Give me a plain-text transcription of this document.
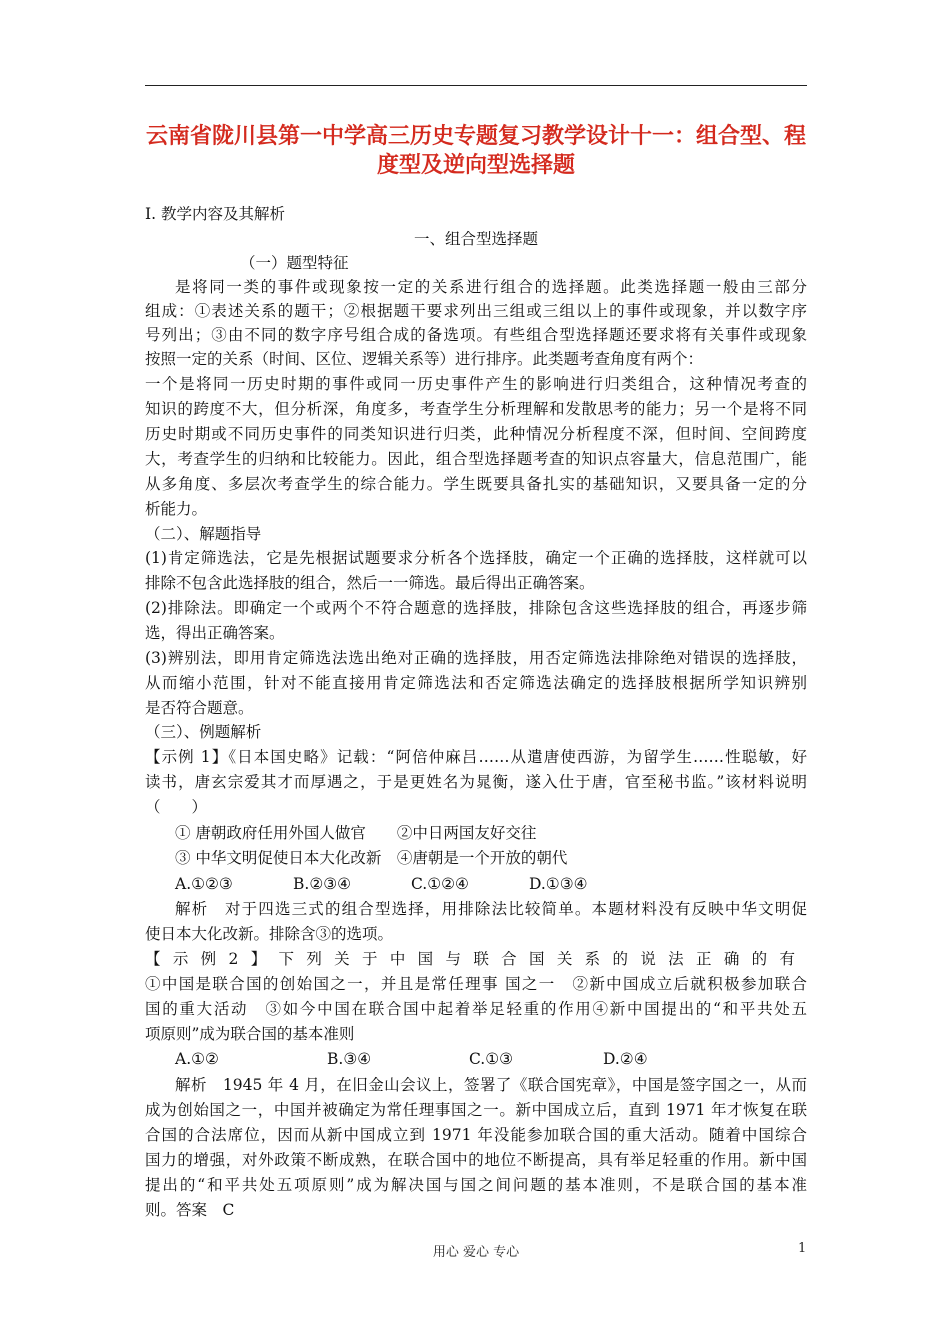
云南省陇川县第一中学高三历史专题复习教学设计十一：组合型、程
度型及逆向型选择题
Ⅰ. 教学内容及其解析
一、组合型选择题
（一）题型特征
是将同一类的事件或现象按一定的关系进行组合的选择题。此类选择题一般由三部分
组成：①表述关系的题干；②根据题干要求列出三组或三组以上的事件或现象，并以数字序
号列出；③由不同的数字序号组合成的备选项。有些组合型选择题还要求将有关事件或现象
按照一定的关系（时间、区位、逻辑关系等）进行排序。此类题考查角度有两个：
一个是将同一历史时期的事件或同一历史事件产生的影响进行归类组合，这种情况考查的
知识的跨度不大，但分析深，角度多，考查学生分析理解和发散思考的能力；另一个是将不同
历史时期或不同历史事件的同类知识进行归类，此种情况分析程度不深，但时间、空间跨度
大，考查学生的归纳和比较能力。因此，组合型选择题考查的知识点容量大，信息范围广，能
从多角度、多层次考查学生的综合能力。学生既要具备扎实的基础知识，又要具备一定的分
析能力。
（二）、解题指导
(1)肯定筛选法，它是先根据试题要求分析各个选择肢，确定一个正确的选择肢，这样就可以
排除不包含此选择肢的组合，然后一一筛选。最后得出正确答案。
(2)排除法。即确定一个或两个不符合题意的选择肢，排除包含这些选择肢的组合，再逐步筛
选，得出正确答案。
(3)辨别法，即用肯定筛选法选出绝对正确的选择肢，用否定筛选法排除绝对错误的选择肢，
从而缩小范围，针对不能直接用肯定筛选法和否定筛选法确定的选择肢根据所学知识辨别
是否符合题意。
（三）、例题解析
【示例 1】《日本国史略》记载：“阿倍仲麻吕……从遣唐使西游，为留学生……性聪敏，好
读书，唐玄宗爱其才而厚遇之，于是更姓名为晁衡，遂入仕于唐，官至秘书监。”该材料说明
（　　）
① 唐朝政府任用外国人做官　　②中日两国友好交往
③ 中华文明促使日本大化改新　④唐朝是一个开放的朝代
A.①②③	B.②③④	C.①②④	D.①③④
解析　对于四选三式的组合型选择，用排除法比较简单。本题材料没有反映中华文明促
使日本大化改新。排除含③的选项。
【示例2】下列关于中国与联合国关系的说法正确的有
①中国是联合国的创始国之一，并且是常任理事 国之一　②新中国成立后就积极参加联合
国的重大活动　③如今中国在联合国中起着举足轻重的作用④新中国提出的“和平共处五
项原则”成为联合国的基本准则
A.①②	B.③④	C.①③	D.②④
解析　1945 年 4 月，在旧金山会议上，签署了《联合国宪章》，中国是签字国之一，从而
成为创始国之一，中国并被确定为常任理事国之一。新中国成立后，直到 1971 年才恢复在联
合国的合法席位，因而从新中国成立到 1971 年没能参加联合国的重大活动。随着中国综合
国力的增强，对外政策不断成熟，在联合国中的地位不断提高，具有举足轻重的作用。新中国
提出的“和平共处五项原则”成为解决国与国之间问题的基本准则，不是联合国的基本准
则。答案　C
用心 爱心 专心	1
